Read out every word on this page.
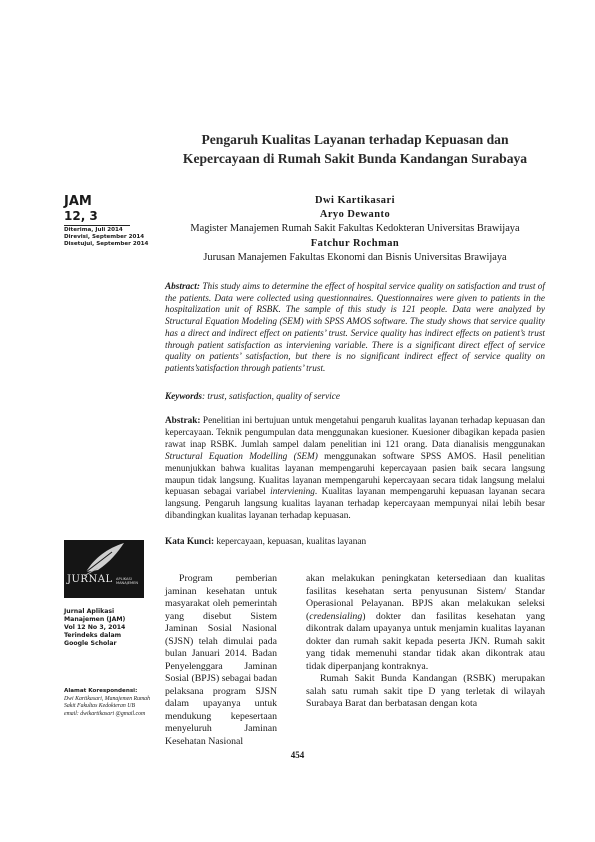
Pengaruh Kualitas Layanan terhadap Kepuasan dan
Kepercayaan di Rumah Sakit Bunda Kandangan Surabaya
JAM
12, 3
Diterima, Juli 2014
Direvisi, September 2014
Disetujui, September 2014
Dwi Kartikasari
Aryo Dewanto
Magister Manajemen Rumah Sakit Fakultas Kedokteran Universitas Brawijaya
Fatchur Rochman
Jurusan Manajemen Fakultas Ekonomi dan Bisnis Universitas Brawijaya
Abstract: This study aims to determine the effect of hospital service quality on satisfaction and trust of the patients. Data were collected using questionnaires. Questionnaires were given to patients in the hospitalization unit of RSBK. The sample of this study is 121 people. Data were analyzed by Structural Equation Modeling (SEM) with SPSS AMOS software. The study shows that service quality has a direct and indirect effect on patients’ trust. Service quality has indirect effects on patient’s trust through patient satisfaction as interviening variable. There is a significant direct effect of service quality on patients’ satisfaction, but there is no significant indirect effect of service quality on patients’satisfaction through patients’ trust.
Keywords: trust, satisfaction, quality of service
Abstrak: Penelitian ini bertujuan untuk mengetahui pengaruh kualitas layanan terhadap kepuasan dan kepercayaan. Teknik pengumpulan data menggunakan kuesioner. Kuesioner dibagikan kepada pasien rawat inap RSBK. Jumlah sampel dalam penelitian ini 121 orang. Data dianalisis menggunakan Structural Equation Modelling (SEM) menggunakan software SPSS AMOS. Hasil penelitian menunjukkan bahwa kualitas layanan mempengaruhi kepercayaan pasien baik secara langsung maupun tidak langsung. Kualitas layanan mempengaruhi kepercayaan secara tidak langsung melalui kepuasan sebagai variabel interviening. Kualitas layanan mempengaruhi kepuasan layanan secara langsung. Pengaruh langsung kualitas layanan terhadap kepercayaan mempunyai nilai lebih besar dibandingkan kualitas layanan terhadap kepuasan.
Kata Kunci: kepercayaan, kepuasan, kualitas layanan
JURNAL APLIKASI
MANAJEMEN
Jurnal Aplikasi
Manajemen (JAM)
Vol 12 No 3, 2014
Terindeks dalam
Google Scholar
Alamat Korespondensi:
Dwi Kartikasari, Manajemen Rumah Sakit Fakultas Kedokteran UB email: dwikartikasari @gmail.com

Program pemberian jaminan kesehatan untuk masyarakat oleh pemerintah yang disebut Sistem Jaminan Sosial Nasional (SJSN) telah dimulai pada bulan Januari 2014. Badan Penyelenggara Jaminan Sosial (BPJS) sebagai badan pelaksana program SJSN dalam upayanya untuk mendukung kepesertaan menyeluruh Jaminan Kesehatan Nasional

akan melakukan peningkatan ketersediaan dan kualitas fasilitas kesehatan serta penyusunan Sistem/ Standar Operasional Pelayanan. BPJS akan melakukan seleksi (credensialing) dokter dan fasilitas kesehatan yang dikontrak dalam upayanya untuk menjamin kualitas layanan dokter dan rumah sakit kepada peserta JKN. Rumah sakit yang tidak memenuhi standar tidak akan dikontrak atau tidak diperpanjang kontraknya.

Rumah Sakit Bunda Kandangan (RSBK) merupakan salah satu rumah sakit tipe D yang terletak di wilayah Surabaya Barat dan berbatasan dengan kota

454
